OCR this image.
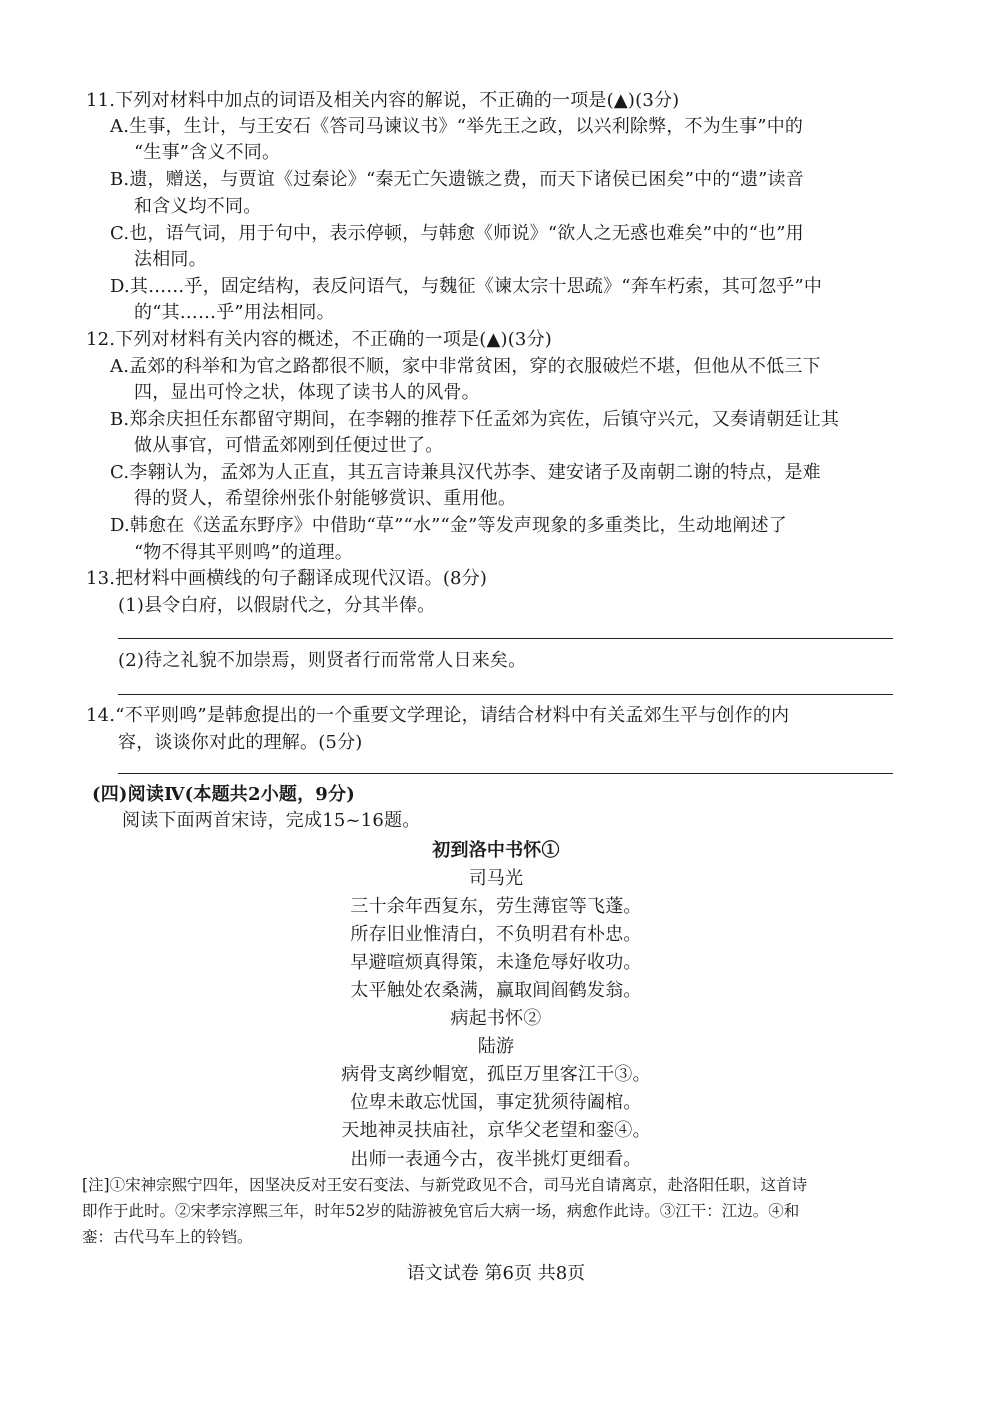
11.下列对材料中加点的词语及相关内容的解说，不正确的一项是(▲)(3分)
A.生事，生计，与王安石《答司马谏议书》“举先王之政，以兴利除弊，不为生事”中的
“生事”含义不同。
B.遗，赠送，与贾谊《过秦论》“秦无亡矢遗镞之费，而天下诸侯已困矣”中的“遗”读音
和含义均不同。
C.也，语气词，用于句中，表示停顿，与韩愈《师说》“欲人之无惑也难矣”中的“也”用
法相同。
D.其……乎，固定结构，表反问语气，与魏征《谏太宗十思疏》“奔车朽索，其可忽乎”中
的“其……乎”用法相同。
12.下列对材料有关内容的概述，不正确的一项是(▲)(3分)
A.孟郊的科举和为官之路都很不顺，家中非常贫困，穿的衣服破烂不堪，但他从不低三下
四，显出可怜之状，体现了读书人的风骨。
B.郑余庆担任东都留守期间，在李翱的推荐下任孟郊为宾佐，后镇守兴元，又奏请朝廷让其
做从事官，可惜孟郊刚到任便过世了。
C.李翱认为，孟郊为人正直，其五言诗兼具汉代苏李、建安诸子及南朝二谢的特点，是难
得的贤人，希望徐州张仆射能够赏识、重用他。
D.韩愈在《送孟东野序》中借助“草”“水”“金”等发声现象的多重类比，生动地阐述了
“物不得其平则鸣”的道理。
13.把材料中画横线的句子翻译成现代汉语。(8分)
(1)县令白府，以假尉代之，分其半俸。
(2)待之礼貌不加崇焉，则贤者行而常常人日来矣。
14.“不平则鸣”是韩愈提出的一个重要文学理论，请结合材料中有关孟郊生平与创作的内
容，谈谈你对此的理解。(5分)
(四)阅读Ⅳ(本题共2小题，9分)
阅读下面两首宋诗，完成15~16题。
初到洛中书怀①
司马光
三十余年西复东，劳生薄宦等飞蓬。
所存旧业惟清白，不负明君有朴忠。
早避喧烦真得策，未逢危辱好收功。
太平触处农桑满，赢取闾阎鹤发翁。
病起书怀②
陆游
病骨支离纱帽宽，孤臣万里客江干③。
位卑未敢忘忧国，事定犹须待阖棺。
天地神灵扶庙社，京华父老望和銮④。
出师一表通今古，夜半挑灯更细看。
[注]①宋神宗熙宁四年，因坚决反对王安石变法、与新党政见不合，司马光自请离京，赴洛阳任职，这首诗
即作于此时。②宋孝宗淳熙三年，时年52岁的陆游被免官后大病一场，病愈作此诗。③江干：江边。④和
銮：古代马车上的铃铛。
语文试卷 第6页 共8页
